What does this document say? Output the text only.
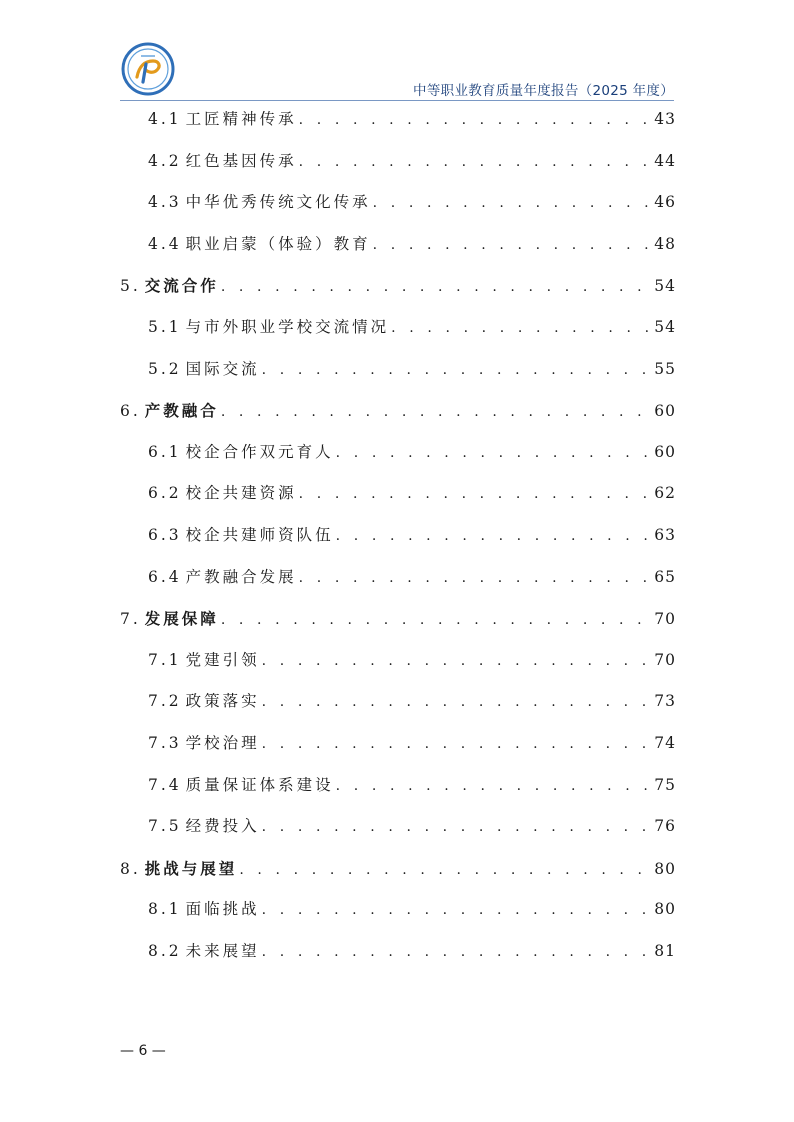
中等职业教育质量年度报告（2025 年度）
4.1 工匠精神传承 . . .	43
4.2 红色基因传承 . . .	44
4.3 中华优秀传统文化传承 . . .	46
4.4 职业启蒙（体验）教育 . . .	48
5. 交流合作 . . .	54
5.1 与市外职业学校交流情况 . . .	54
5.2 国际交流 . . .	55
6. 产教融合 . . .	60
6.1 校企合作双元育人 . . .	60
6.2 校企共建资源 . . .	62
6.3 校企共建师资队伍 . . .	63
6.4 产教融合发展 . . .	65
7. 发展保障 . . .	70
7.1 党建引领 . . .	70
7.2 政策落实 . . .	73
7.3 学校治理 . . .	74
7.4 质量保证体系建设 . . .	75
7.5 经费投入 . . .	76
8. 挑战与展望 . . .	80
8.1 面临挑战 . . .	80
8.2 未来展望 . . .	81
— 6 —
